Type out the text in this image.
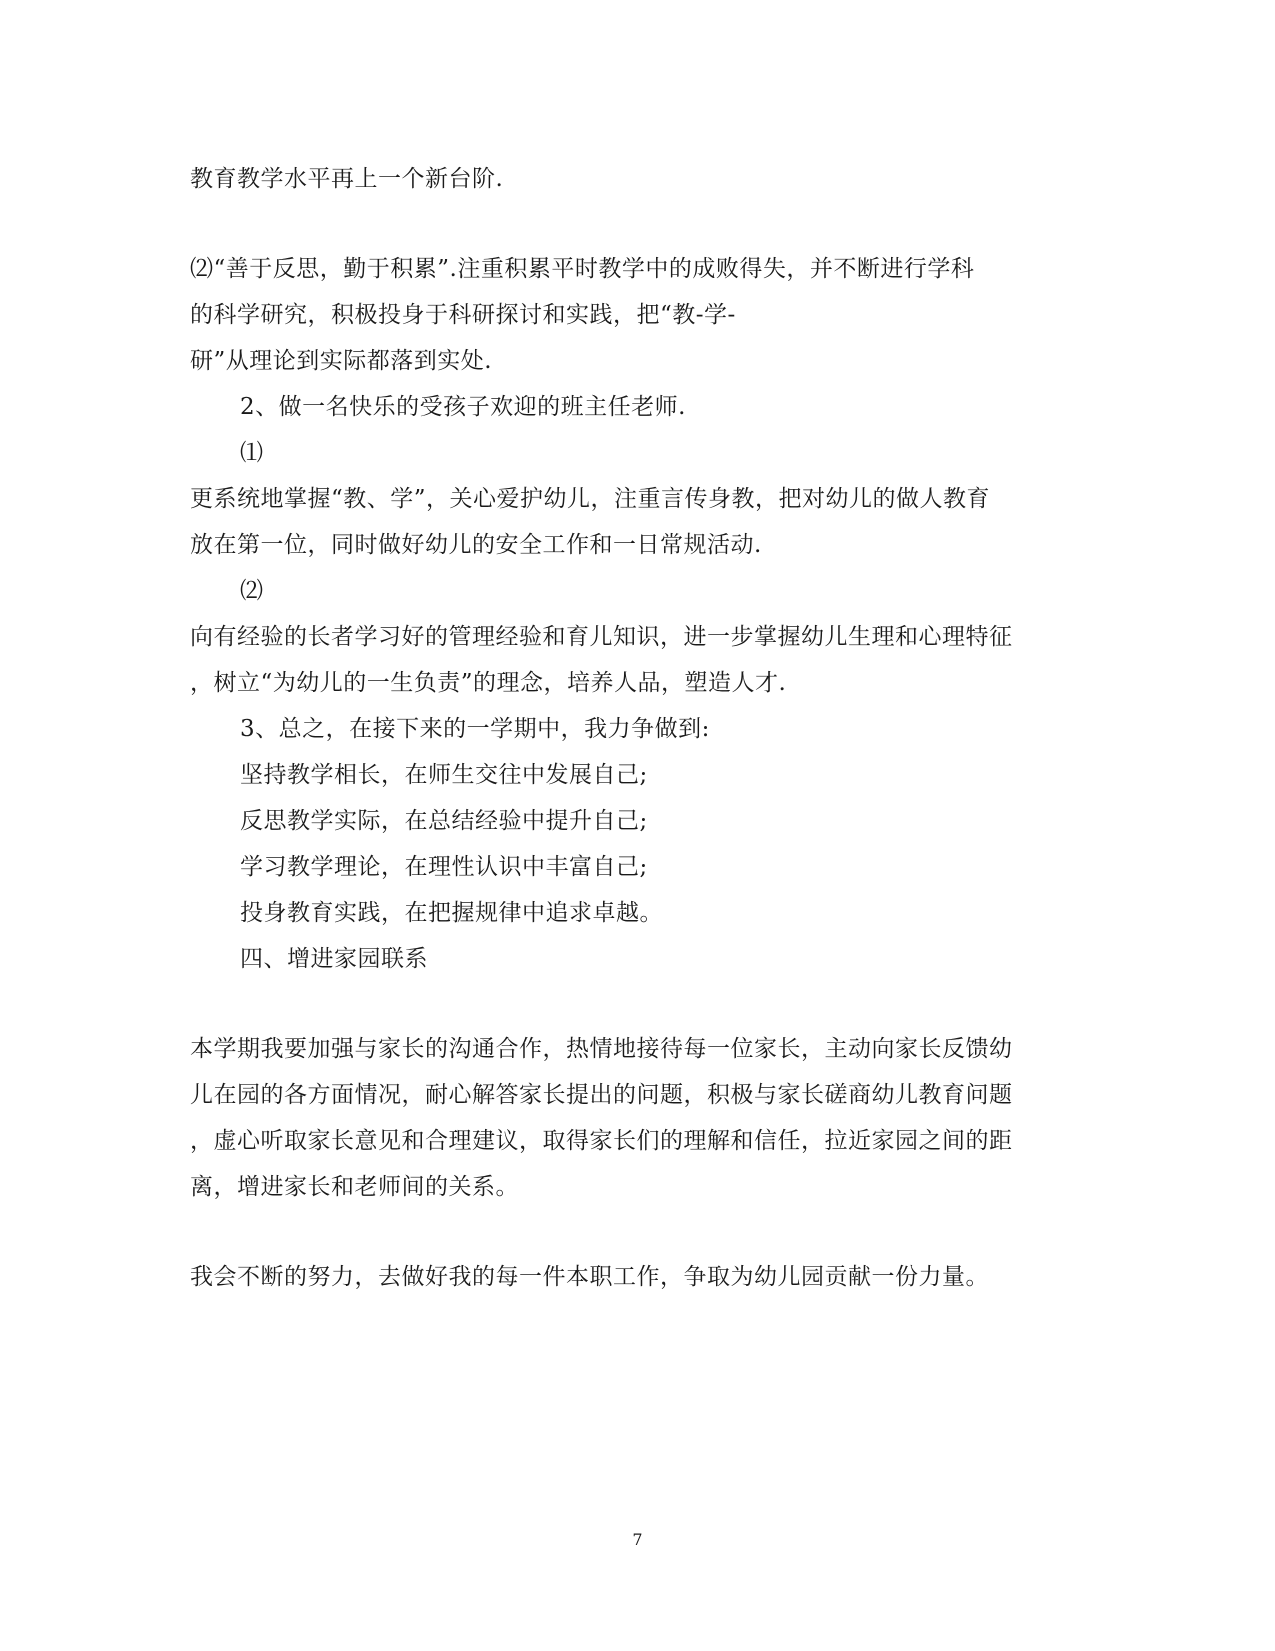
教育教学水平再上一个新台阶.
⑵“善于反思，勤于积累”.注重积累平时教学中的成败得失，并不断进行学科
的科学研究，积极投身于科研探讨和实践，把“教-学-
研”从理论到实际都落到实处.
2、做一名快乐的受孩子欢迎的班主任老师.
⑴
更系统地掌握“教、学”，关心爱护幼儿，注重言传身教，把对幼儿的做人教育
放在第一位，同时做好幼儿的安全工作和一日常规活动.
⑵
向有经验的长者学习好的管理经验和育儿知识，进一步掌握幼儿生理和心理特征
，树立“为幼儿的一生负责”的理念，培养人品，塑造人才.
3、总之，在接下来的一学期中，我力争做到:
坚持教学相长，在师生交往中发展自己;
反思教学实际，在总结经验中提升自己;
学习教学理论，在理性认识中丰富自己;
投身教育实践，在把握规律中追求卓越。
四、增进家园联系
本学期我要加强与家长的沟通合作，热情地接待每一位家长，主动向家长反馈幼
儿在园的各方面情况，耐心解答家长提出的问题，积极与家长磋商幼儿教育问题
，虚心听取家长意见和合理建议，取得家长们的理解和信任，拉近家园之间的距
离，增进家长和老师间的关系。
我会不断的努力，去做好我的每一件本职工作，争取为幼儿园贡献一份力量。
7
